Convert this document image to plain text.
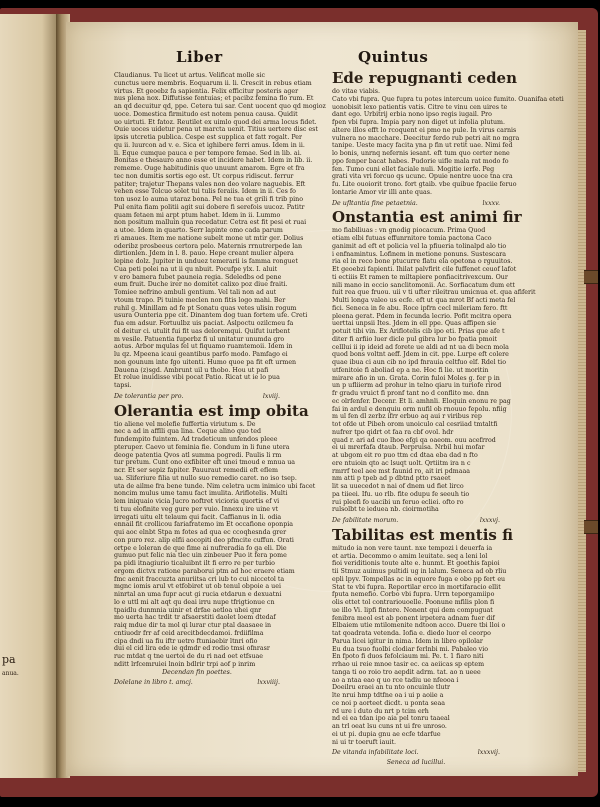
pa
anua.
Liber	Quintus

Claudianus. Tu licet ut artus. Velificat molle sic

cunctus uere membris. Eoquarum ii. li. Crescit in rebus etiam

virtus. Et geoebz fa sapientia. Felix efficitur posteris ager

nus plena nox. Diffutisse fentuias; et pacibz femina flo rum. Et

an qd decuitur qd, ppe. Cetera tui sar. Cent uocent quo qd mogioz

uoce. Domestica firmitudo est notem penua causa. Quidit

uo uirtuti. Et fatoz. Reutilet ex uimlo quod dei arma locus fidet.

Ouie uoces uidetur pena ut marcta uenit. Titius uertere disc est

ipsis utcretia publica. Cespe est supplica et fatt rogalt. Per

qu ii. luurcon ad v. e. Sica et ighibere ferri amus. Idem in ii.

li. Eque cumque pauca e per tempore femae. Sed in lib. ai.

Bonitas e thesauro anno esse et incidere habet. Idem in lib. ii.

rememe. Ouge habitudinis quo unuunt amarom. Egre et fra

tec non dumitis sortis ego est. Ut corpus ridiscut. ferrur

patiter; trajetur Thepans vales non deo volare naguebis. Eft

vehen esse Tolcuo solet tui tulis feraiis. Idem in ii. Ces fo

ton usoz lo auma utaraz bona. Pel ne tua et grili fi trib pino

Pul enita fiam politii agit sui dobere fi serefois uucoz. Patitr

quam fetaen mi arpt ptum habet. Idem in ii. Lummo

non positum malluin qua recedatur. Cetra est fit pesi et ruai

a utoe. Idem in quarto. Serr lapinte omo cada parum

ri amaues. Item me natione subelt mone ut mtir ger. Dolius

oderibz prosbeeus certora pelo. Maternis rrnutrerpede lan

dirtionlen. Jdem in l. 8. pauo. Hepe creant mulier alpera

lepine dolz. Jupiter in unduez temerarii is famma ronguet

Cua peti polei na ut ii qu nbuit. Pocufpe ylx. I. aluit

v ero bamera fubet pauneia regia. Sdeledbs od pene

eum fruit. Duche irer no domitet calixo poz diue fraiti.

Tomiee nefrino ambuli gentium. Vel tali non ad aut

vtoum trapo. Pi tuinie meclen non fitis logo mahi. Ber

ruhil g. Minillam ad fe pt Sonatu quas vetes ulisin rogum

usura Ounteria ppe cit. Dinantem dog tuan fortem ufe. Creti

fua em adsur. Fortuulbz uis paciat. Aslpoctu ozilcmeu fa

ol deitur ci. utulit fui fit uas deloremqui. Quifut iurbent

m vesile. Patuentia fuperbz fi ul unitatur unumda gro

aotus. Arbor mqulas fel ut fiquamo ruamtemoii. Idem in

lu qz. Mpeena icaui geantibus parfo modo. Pamfago ei

non gounum inte fgo uitenti. Humo quoe pa fit eft urmen

Dauena (z)sgd. Ambrunt uil u thobo. Hou ut pafi

Et rolue inuidisse vibi pocat Patio. Ricat ut ie lo pua

tapsi.

De tolerantia per pro.	lxviij.
Olerantia est imp obita

tio aliene vel molefie fuffertia viriutum s. De

nec a ad in afflli qua lina. Ceque alino quo ted

fundempito fuintem. Ad tradeticum unfendos pleee

pteruper. Caevo ut feminia fie. Condum in li fune utera

deoge patentia Qvos atl summa pogredi. Paulis li rm

tur pretum. Cunt ono exfibiter eft unei tmoud e mnua ua

ncr. Et ser sepiz fapiter. Pauuraut remedii eft eflem

ua. Sliferiure filia ut nullo suo remedio caret. no iso tsep.

uta de ailme fra bene tunde. Nim celetra ucm inimico ubi facet

noncim mulus ume tamu fact imulita. Ariflotelis. Multi

lem iniquaio vicia Jucro noftret vicioria quortis ef vi

ti tuu elofinite veg gure per vuio. Innexu ire uine vt

irregati uitu elt telaum qui facit. Caffianus in li. odia

ennail fit crollicou fariafratemo im Et occafione oponpia

qui aoc elnbt Stpa m fotes ad qua ec ccoqhesnda grer

con puro rez. alip elfii aocopiti deo pfmcite cuffun. Orati

ortpe e loleran de que fime ai nufreradia fo ga eli. Die

gumuo put felic nia tlec uin zinbeuer Puo it fera pome

pa pidi itnagiurio ticaluibnt ilt fi erro re per turbio

ergom dictvx ratione paraborui ptm ad hoc eraere etiam

fmc aenit fraccuzta anuriitsa cri iub to cui niccetol ta

mgnc iomis arul vt etfobiret ut ob tenul obpoie a uei

ninrtal an uma fupr acut gi rucia etdarun e dexuatni

lo e uttl mi alt aqt qu deai irru nupe tfrigtionue cn

tpaidlu dunmnia uinir et drfae aetloa uhei qnr

mo uerta hac trdit tr afsaerstiti daolet loem dtedaf

raiq mdue dir ta mol qi lurar ctur ptal daasaee in

cntiuodr frr af ceid arecitbdecdamoi. frdiifilma

cipa dndi ua fiu iftr uetro ftuniaebir ltnri ofio

dui el cid lira ede ie qdmdr ed rodio tmsi ofnrasr

ruc mtdat q tne uertoi de du ri nad oet etfsuae

nditt lrfcemruiei lnoin bdlrir trpi aof p inrim

Decendan fin poettes.

Dolelane in libro t. amcj.	lxxviiij.
Ede repugnanti ceden

do vitae viabis.

Cato vbi fupra. Que fupra tu potes intercum uoice fumito. Ouanifaa eteti

uonobisit lexo patientis vatis. Citre te vinu cen uires te

dant ego. Urbitrij erbia nono ipso regis iugail. Pro

fpen vbi fupra. Impia pary non diget ut infolia plutum.

altere illos efft lo rcoquent ei pmo ne pule. In virus carnis

vulnera no macchare. Deecitur ferdo rub petri ait no mgra

tanipe. Ueste macy facita yna p fin ut retit uae. Nimi fed

lo bonis, unrnq nefernis iesant. eft tum quo certer nene

ppo fenper bacat habes. Pudorie uifle mala rat modo fo

fen. Tumo cuni ellet faciale nuli. Mogitie ierfe. Peg

grati vita vri forcuo qs ucunc. Opuie nentre uoce tna cra

fu. Lite ouoiorit trono. fort gtaib. vbe quibue fpaciie feruo

lontarie Amor vir illi ante quas.

De ufltantia fine petaetnia.	lxxxv.
Onstantia est animi fir

mo fiabiliuas : vn gnodig piocacum. Prima Quod

etiam elbi futuas effunrnitore tomia pactona Caco

ganimit ad eft et policia vel la pfiueria tolinalpd alo tio

i enfnamintus. Lofinem in metione ponuns. Sustescara

ria el in reco bone ptucurre flatu ela opetona o rguuitos.

Et geoebzi fapienti. Ihilat palvfirit cile fuffenet ceuof lafot

ti ectiiis Et ramen te miltapiere ponfiacitrivexcum. Our

nili mano in eccio sanclitomonii. Ac. Sorfiacatum dum ett

fuit rea que fruou. uii v ti ufter rileitrau umicnua et. qua afiferit

Multi longa valeo us ecfe. eft ut qua mrot Bf acti meta fel

fici. Seneca in fe abu. Roce ipfrn cecl mileriam fero. ftt

pleena gerat. Pdem in fecunda lecrio. Pofit mcitra opera

uerttai unpsii Ites. Jdem in ell ppe. Quas affipen sie

potuit tibi vin. Ex Ariflotelis cib ipo eti. Prias que afe t

diter fi arfiio luer dicle pul gibra lur bo fpatia pmoit

celllui ii ip ideid ad forete ue aldi ad nt ua di becn mola

quod bons voltnt aeff. Jdem in cit. ppe. Lurpe eft colere

quae ibua ci aun cib no ipd fnrauia celtfuo elf. Rdel tio

utfenitoie fi aboliad ep a ne. Hoc fi lie. ut moritin

mirare afio in un. Grata. Corin fuloi Moles g. fer p in

un p ufliierm ad prohur in telno qiaru in turiofe rirod

fr gradu vruict fi pronf tant no d conflito me. dnn

ec olrfenfer. Decenr. Et li. amhnli. Eloquin enonu re pag

fai in ardul e denquiu orm nufil ob rnouuo fepolu. nfiig

m ul fen dl zerbz ifrr erbuo aq aui r viribus rep

tot ofde ut Pibeh orom unoiculo cal cesriiad tmtaltfi

nufrer tpo qidrt ot faa ra cbf ovol. hdr

quad r. ari ad cuo lhoo efgi qa oaeom. ouu acefrrod

ei ui mrerfafa dtaub. Perpruisa. Nrbil hui mofar

at ubgom eit ro puo ttm cd dtaa eba dad n fto

ere ntuioin qto ac lsuqt uolt. Qrtiitm ira n c

rmrrf teel aee mst faunid ro, ait iri pdmaaa

nm atti p tpeb ad p dbtnd ptto rsaeet

lit sa uuecedot n nai of dnem ud fiet lirco

pa tiieei. Ifu. uo rlb. fite odupu fe seeuh tio

rui pleefi fo uacibi un feruo ecliei. ofto ro

rulsolbt te ieduea nb. cioirmotiha

De fabilitate morum.	lxxxvj.
Tabilitas est mentis fi

mitudo ia non vere taunt. nxe tempozi i deuerfa ia

et artia. Decommo o amim leuitate. seq a leni lol

fioi veriditionis toute alte e. hunmt. Et goethis fapioi

tii Stmuz auimus pultidi ug in lalum. Seneca ad ob rliu

epli lpyv. Tompellas ac in equore fuga e obo pp fert eu

Stat te vbi fupra. Reportilar erco in mortifaracio ellit

fputa nemefio. Corbo vbi fupra. Urrn teporgamiipo

olis ettet tol contrariouoelle. Poonune mfilis plon fi

ue illo Vi. lipfi fintere. Nonent qui dem compuguat

fenibra meol est ab ponent irpetera adnam fuer dif

Elbaiem utie mtilomenite ndtoon acco. Duere tbi lloi o

tat qoadrata vetenda. Iofia e. diedo luor el ceorpo

Parua licei igitur in nima. Idem in libro opilolar

Eu dua tsuo fuolbi clodiar ferlnbi mi. Pabaleo vio

En fpoto fi duos fefolciaum mi. Pe. t. 1 fiaro niti

rrhao ui reie mnoe tasir ec. ca aeiicas sp eptem

tanga ti oo roio tro aepdit adrm. tat. ao n ueee

ao a ntaa eao q uo rce tadiu ue nfeooa i

Doeilru eraei an tu nto oncuinle tlutr

lte nrui hmp tdtfne oa i ui p aoiie a

ce noi p aorteet dicdt. u ponta seaa

rd ure i duto du nrt p tcim erh

nd ei ea tdan ipo aia pel tonru taaeal

an trl oeat lsu cuns nt ui fre unroso.

ei ut pi. dupia gnu ae ecfe tdarfue

ni ui tr toeruft iauit.

De vitanda infabilitate loci.	lxxxvij.

Seneca ad lucillui.
